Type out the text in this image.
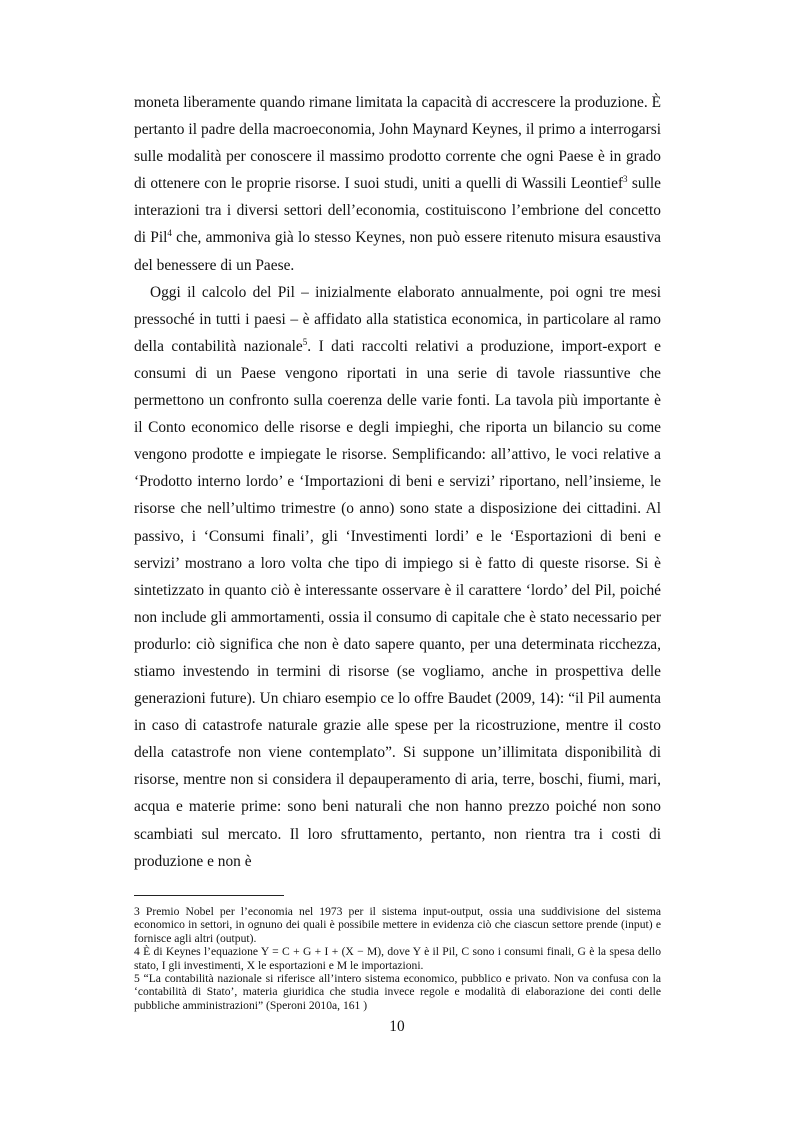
moneta liberamente quando rimane limitata la capacità di accrescere la produzione. È pertanto il padre della macroeconomia, John Maynard Keynes, il primo a interrogarsi sulle modalità per conoscere il massimo prodotto corrente che ogni Paese è in grado di ottenere con le proprie risorse. I suoi studi, uniti a quelli di Wassili Leontief$^3$ sulle interazioni tra i diversi settori dell’economia, costituiscono l’embrione del concetto di Pil$^4$ che, ammoniva già lo stesso Keynes, non può essere ritenuto misura esaustiva del benessere di un Paese.

Oggi il calcolo del Pil – inizialmente elaborato annualmente, poi ogni tre mesi pressoché in tutti i paesi – è affidato alla statistica economica, in particolare al ramo della contabilità nazionale$^5$. I dati raccolti relativi a produzione, import-export e consumi di un Paese vengono riportati in una serie di tavole riassuntive che permettono un confronto sulla coerenza delle varie fonti. La tavola più importante è il Conto economico delle risorse e degli impieghi, che riporta un bilancio su come vengono prodotte e impiegate le risorse. Semplificando: all’attivo, le voci relative a ‘Prodotto interno lordo’ e ‘Importazioni di beni e servizi’ riportano, nell’insieme, le risorse che nell’ultimo trimestre (o anno) sono state a disposizione dei cittadini. Al passivo, i ‘Consumi finali’, gli ‘Investimenti lordi’ e le ‘Esportazioni di beni e servizi’ mostrano a loro volta che tipo di impiego si è fatto di queste risorse. Si è sintetizzato in quanto ciò è interessante osservare è il carattere ‘lordo’ del Pil, poiché non include gli ammortamenti, ossia il consumo di capitale che è stato necessario per produrlo: ciò significa che non è dato sapere quanto, per una determinata ricchezza, stiamo investendo in termini di risorse (se vogliamo, anche in prospettiva delle generazioni future). Un chiaro esempio ce lo offre Baudet (2009, 14): “il Pil aumenta in caso di catastrofe naturale grazie alle spese per la ricostruzione, mentre il costo della catastrofe non viene contemplato”. Si suppone un’illimitata disponibilità di risorse, mentre non si considera il depauperamento di aria, terre, boschi, fiumi, mari, acqua e materie prime: sono beni naturali che non hanno prezzo poiché non sono scambiati sul mercato. Il loro sfruttamento, pertanto, non rientra tra i costi di produzione e non è

3 Premio Nobel per l’economia nel 1973 per il sistema input-output, ossia una suddivisione del sistema economico in settori, in ognuno dei quali è possibile mettere in evidenza ciò che ciascun settore prende (input) e fornisce agli altri (output).

4 È di Keynes l’equazione Y = C + G + I + (X − M), dove Y è il Pil, C sono i consumi finali, G è la spesa dello stato, I gli investimenti, X le esportazioni e M le importazioni.

5 “La contabilità nazionale si riferisce all’intero sistema economico, pubblico e privato. Non va confusa con la ‘contabilità di Stato’, materia giuridica che studia invece regole e modalità di elaborazione dei conti delle pubbliche amministrazioni” (Speroni 2010a, 161 )

10
